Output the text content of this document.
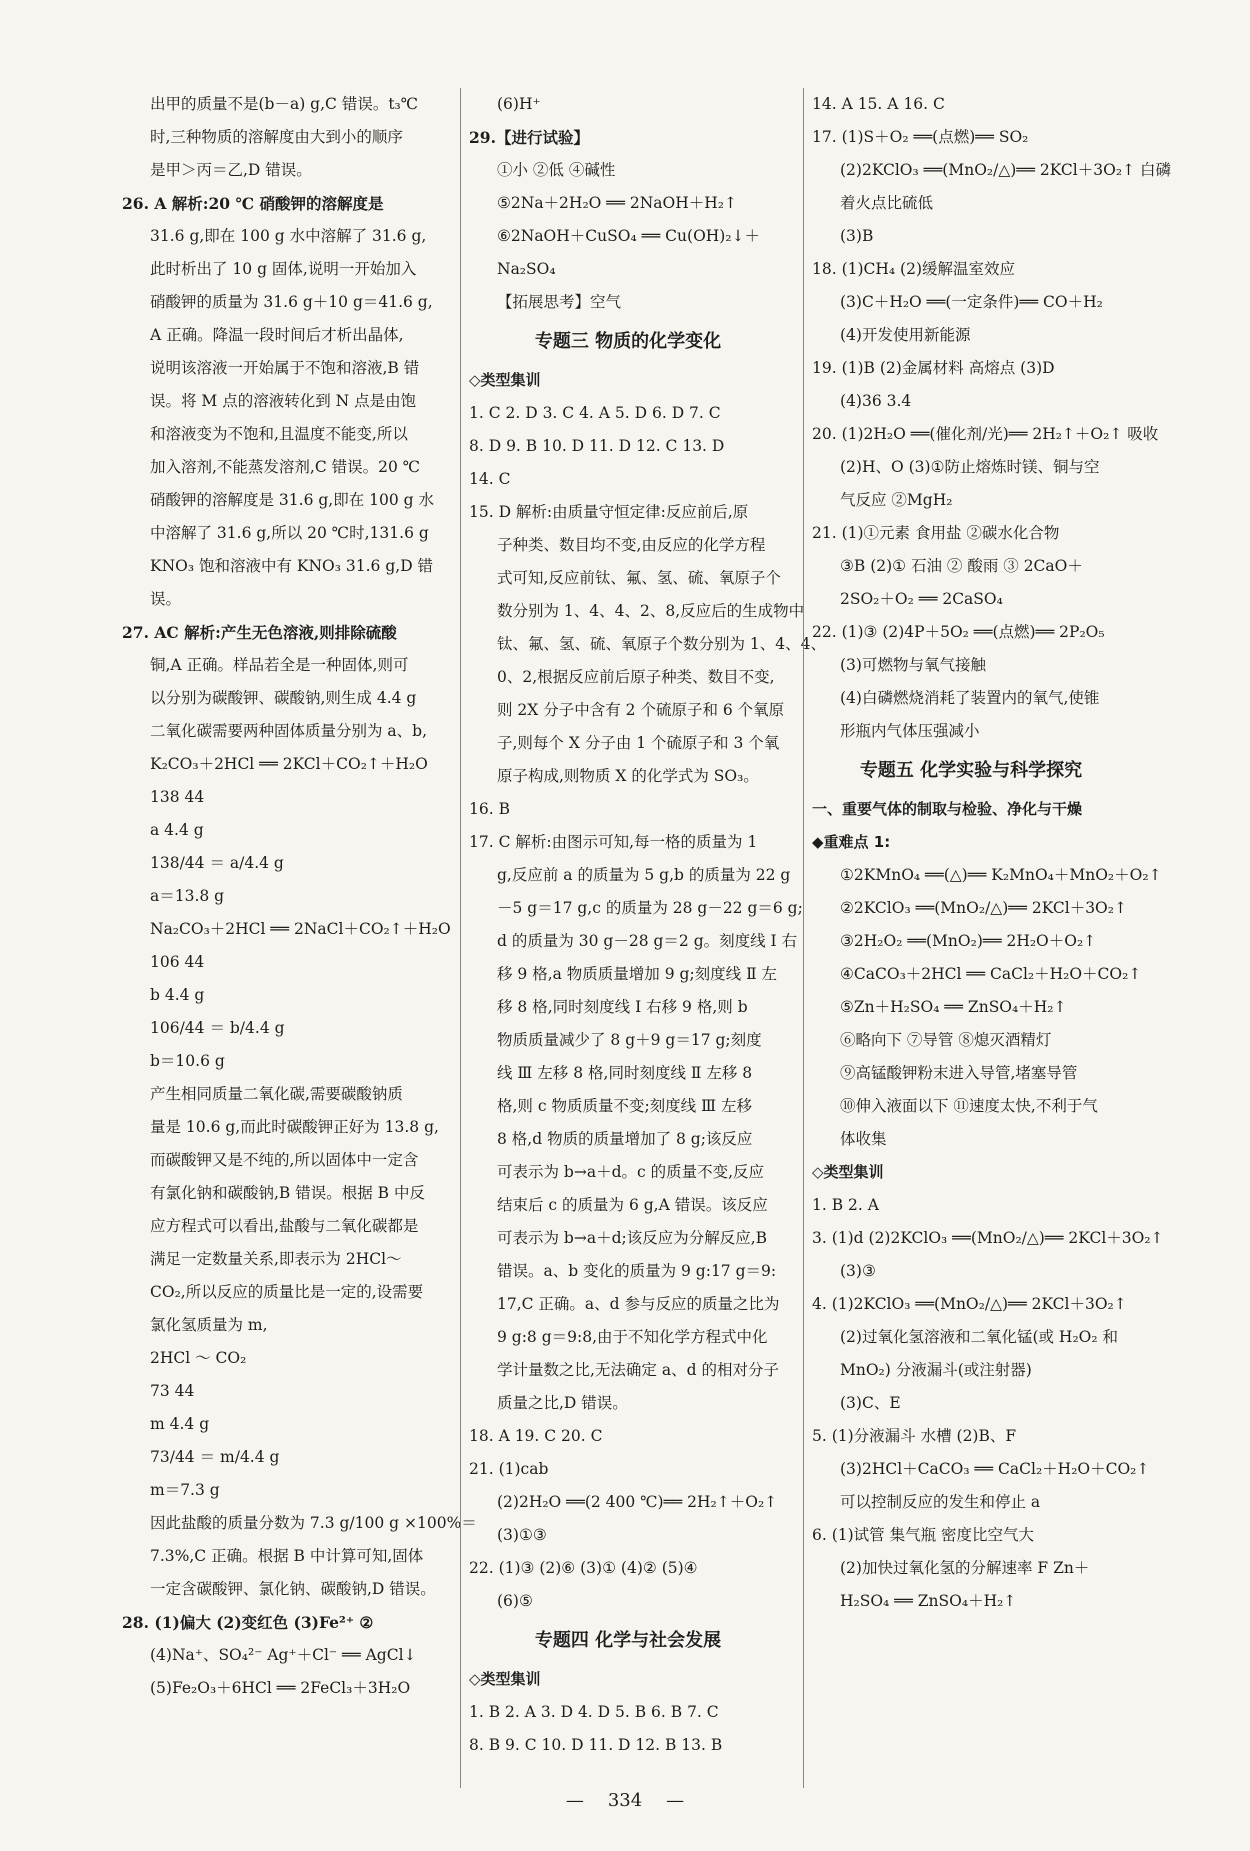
出甲的质量不是(b－a) g,C 错误。t₃℃
时,三种物质的溶解度由大到小的顺序
是甲＞丙＝乙,D 错误。
26. A 解析:20 ℃ 硝酸钾的溶解度是
31.6 g,即在 100 g 水中溶解了 31.6 g,
此时析出了 10 g 固体,说明一开始加入
硝酸钾的质量为 31.6 g＋10 g＝41.6 g,
A 正确。降温一段时间后才析出晶体,
说明该溶液一开始属于不饱和溶液,B 错
误。将 M 点的溶液转化到 N 点是由饱
和溶液变为不饱和,且温度不能变,所以
加入溶剂,不能蒸发溶剂,C 错误。20 ℃
硝酸钾的溶解度是 31.6 g,即在 100 g 水
中溶解了 31.6 g,所以 20 ℃时,131.6 g
KNO₃ 饱和溶液中有 KNO₃ 31.6 g,D 错
误。
27. AC 解析:产生无色溶液,则排除硫酸
铜,A 正确。样品若全是一种固体,则可
以分别为碳酸钾、碳酸钠,则生成 4.4 g
二氧化碳需要两种固体质量分别为 a、b,
K₂CO₃＋2HCl ══ 2KCl＋CO₂↑＋H₂O
138 44
a 4.4 g
138/44 ＝ a/4.4 g
a＝13.8 g
Na₂CO₃＋2HCl ══ 2NaCl＋CO₂↑＋H₂O
106 44
b 4.4 g
106/44 ＝ b/4.4 g
b＝10.6 g
产生相同质量二氧化碳,需要碳酸钠质
量是 10.6 g,而此时碳酸钾正好为 13.8 g,
而碳酸钾又是不纯的,所以固体中一定含
有氯化钠和碳酸钠,B 错误。根据 B 中反
应方程式可以看出,盐酸与二氧化碳都是
满足一定数量关系,即表示为 2HCl～
CO₂,所以反应的质量比是一定的,设需要
氯化氢质量为 m,
2HCl ～ CO₂
73 44
m 4.4 g
73/44 ＝ m/4.4 g
m＝7.3 g
因此盐酸的质量分数为 7.3 g/100 g ×100%＝
7.3%,C 正确。根据 B 中计算可知,固体
一定含碳酸钾、氯化钠、碳酸钠,D 错误。
28. (1)偏大 (2)变红色 (3)Fe²⁺ ②
(4)Na⁺、SO₄²⁻ Ag⁺＋Cl⁻ ══ AgCl↓
(5)Fe₂O₃＋6HCl ══ 2FeCl₃＋3H₂O
(6)H⁺
29.【进行试验】
①小 ②低 ④碱性
⑤2Na＋2H₂O ══ 2NaOH＋H₂↑
⑥2NaOH＋CuSO₄ ══ Cu(OH)₂↓＋
Na₂SO₄
【拓展思考】空气
专题三 物质的化学变化
◇类型集训
1. C 2. D 3. C 4. A 5. D 6. D 7. C
8. D 9. B 10. D 11. D 12. C 13. D
14. C
15. D 解析:由质量守恒定律:反应前后,原
子种类、数目均不变,由反应的化学方程
式可知,反应前钛、氟、氢、硫、氧原子个
数分别为 1、4、4、2、8,反应后的生成物中
钛、氟、氢、硫、氧原子个数分别为 1、4、4、
0、2,根据反应前后原子种类、数目不变,
则 2X 分子中含有 2 个硫原子和 6 个氧原
子,则每个 X 分子由 1 个硫原子和 3 个氧
原子构成,则物质 X 的化学式为 SO₃。
16. B
17. C 解析:由图示可知,每一格的质量为 1
g,反应前 a 的质量为 5 g,b 的质量为 22 g
－5 g＝17 g,c 的质量为 28 g－22 g＝6 g;
d 的质量为 30 g－28 g＝2 g。刻度线 Ⅰ 右
移 9 格,a 物质质量增加 9 g;刻度线 Ⅱ 左
移 8 格,同时刻度线 Ⅰ 右移 9 格,则 b
物质质量减少了 8 g＋9 g＝17 g;刻度
线 Ⅲ 左移 8 格,同时刻度线 Ⅱ 左移 8
格,则 c 物质质量不变;刻度线 Ⅲ 左移
8 格,d 物质的质量增加了 8 g;该反应
可表示为 b→a＋d。c 的质量不变,反应
结束后 c 的质量为 6 g,A 错误。该反应
可表示为 b→a＋d;该反应为分解反应,B
错误。a、b 变化的质量为 9 g:17 g＝9:
17,C 正确。a、d 参与反应的质量之比为
9 g:8 g＝9:8,由于不知化学方程式中化
学计量数之比,无法确定 a、d 的相对分子
质量之比,D 错误。
18. A 19. C 20. C
21. (1)cab
(2)2H₂O ══(2 400 ℃)══ 2H₂↑＋O₂↑
(3)①③
22. (1)③ (2)⑥ (3)① (4)② (5)④
(6)⑤
专题四 化学与社会发展
◇类型集训
1. B 2. A 3. D 4. D 5. B 6. B 7. C
8. B 9. C 10. D 11. D 12. B 13. B
14. A 15. A 16. C
17. (1)S＋O₂ ══(点燃)══ SO₂
(2)2KClO₃ ══(MnO₂/△)══ 2KCl＋3O₂↑ 白磷
着火点比硫低
(3)B
18. (1)CH₄ (2)缓解温室效应
(3)C＋H₂O ══(一定条件)══ CO＋H₂
(4)开发使用新能源
19. (1)B (2)金属材料 高熔点 (3)D
(4)36 3.4
20. (1)2H₂O ══(催化剂/光)══ 2H₂↑＋O₂↑ 吸收
(2)H、O (3)①防止熔炼时镁、铜与空
气反应 ②MgH₂
21. (1)①元素 食用盐 ②碳水化合物
③B (2)① 石油 ② 酸雨 ③ 2CaO＋
2SO₂＋O₂ ══ 2CaSO₄
22. (1)③ (2)4P＋5O₂ ══(点燃)══ 2P₂O₅
(3)可燃物与氧气接触
(4)白磷燃烧消耗了装置内的氧气,使锥
形瓶内气体压强减小
专题五 化学实验与科学探究
一、重要气体的制取与检验、净化与干燥
◆重难点 1:
①2KMnO₄ ══(△)══ K₂MnO₄＋MnO₂＋O₂↑
②2KClO₃ ══(MnO₂/△)══ 2KCl＋3O₂↑
③2H₂O₂ ══(MnO₂)══ 2H₂O＋O₂↑
④CaCO₃＋2HCl ══ CaCl₂＋H₂O＋CO₂↑
⑤Zn＋H₂SO₄ ══ ZnSO₄＋H₂↑
⑥略向下 ⑦导管 ⑧熄灭酒精灯
⑨高锰酸钾粉末进入导管,堵塞导管
⑩伸入液面以下 ⑪速度太快,不利于气
体收集
◇类型集训
1. B 2. A
3. (1)d (2)2KClO₃ ══(MnO₂/△)══ 2KCl＋3O₂↑
(3)③
4. (1)2KClO₃ ══(MnO₂/△)══ 2KCl＋3O₂↑
(2)过氧化氢溶液和二氧化锰(或 H₂O₂ 和
MnO₂) 分液漏斗(或注射器)
(3)C、E
5. (1)分液漏斗 水槽 (2)B、F
(3)2HCl＋CaCO₃ ══ CaCl₂＋H₂O＋CO₂↑
可以控制反应的发生和停止 a
6. (1)试管 集气瓶 密度比空气大
(2)加快过氧化氢的分解速率 F Zn＋
H₂SO₄ ══ ZnSO₄＋H₂↑
— 334 —
